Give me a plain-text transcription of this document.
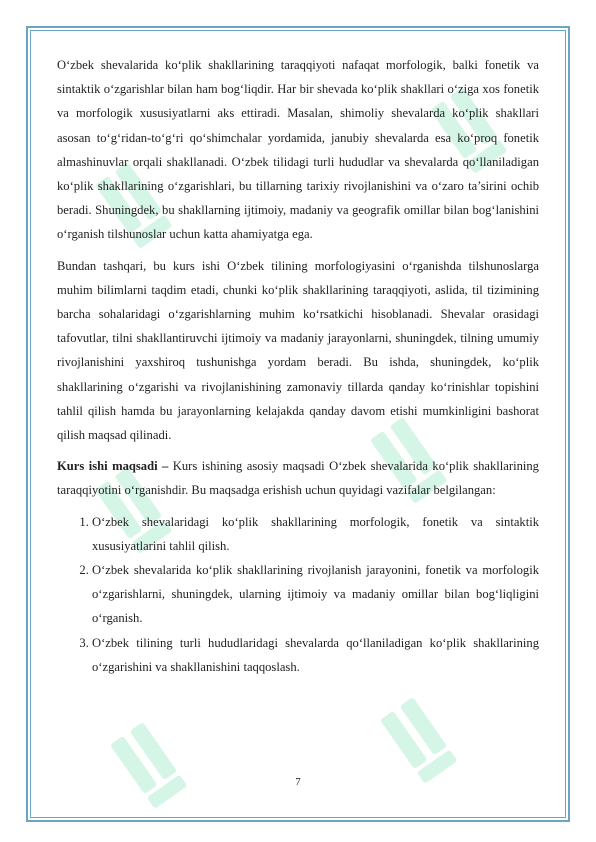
O‘zbek shevalarida ko‘plik shakllarining taraqqiyoti nafaqat morfologik, balki fonetik va sintaktik o‘zgarishlar bilan ham bog‘liqdir. Har bir shevada ko‘plik shakllari o‘ziga xos fonetik va morfologik xususiyatlarni aks ettiradi. Masalan, shimoliy shevalarda ko‘plik shakllari asosan to‘g‘ridan-to‘g‘ri qo‘shimchalar yordamida, janubiy shevalarda esa ko‘proq fonetik almashinuvlar orqali shakllanadi. O‘zbek tilidagi turli hududlar va shevalarda qo‘llaniladigan ko‘plik shakllarining o‘zgarishlari, bu tillarning tarixiy rivojlanishini va o‘zaro ta’sirini ochib beradi. Shuningdek, bu shakllarning ijtimoiy, madaniy va geografik omillar bilan bog‘lanishini o‘rganish tilshunoslar uchun katta ahamiyatga ega.

Bundan tashqari, bu kurs ishi O‘zbek tilining morfologiyasini o‘rganishda tilshunoslarga muhim bilimlarni taqdim etadi, chunki ko‘plik shakllarining taraqqiyoti, aslida, til tizimining barcha sohalaridagi o‘zgarishlarning muhim ko‘rsatkichi hisoblanadi. Shevalar orasidagi tafovutlar, tilni shakllantiruvchi ijtimoiy va madaniy jarayonlarni, shuningdek, tilning umumiy rivojlanishini yaxshiroq tushunishga yordam beradi. Bu ishda, shuningdek, ko‘plik shakllarining o‘zgarishi va rivojlanishining zamonaviy tillarda qanday ko‘rinishlar topishini tahlil qilish hamda bu jarayonlarning kelajakda qanday davom etishi mumkinligini bashorat qilish maqsad qilinadi.

Kurs ishi maqsadi – Kurs ishining asosiy maqsadi O‘zbek shevalarida ko‘plik shakllarining taraqqiyotini o‘rganishdir. Bu maqsadga erishish uchun quyidagi vazifalar belgilangan:

1. O‘zbek shevalaridagi ko‘plik shakllarining morfologik, fonetik va sintaktik xususiyatlarini tahlil qilish.
2. O‘zbek shevalarida ko‘plik shakllarining rivojlanish jarayonini, fonetik va morfologik o‘zgarishlarni, shuningdek, ularning ijtimoiy va madaniy omillar bilan bog‘liqligini o‘rganish.
3. O‘zbek tilining turli hududlaridagi shevalarda qo‘llaniladigan ko‘plik shakllarining o‘zgarishini va shakllanishini taqqoslash.
7
